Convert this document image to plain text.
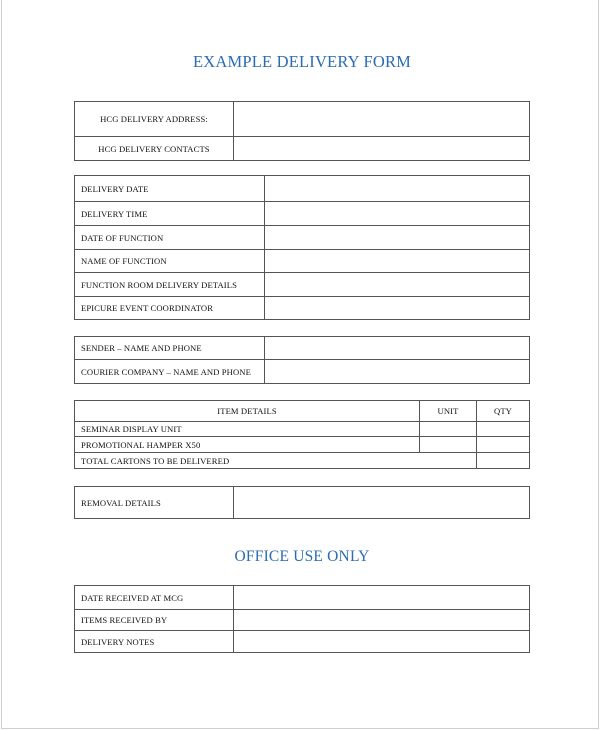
EXAMPLE DELIVERY FORM
HCG DELIVERY ADDRESS:	
HCG DELIVERY CONTACTS	
DELIVERY DATE	
DELIVERY TIME	
DATE OF FUNCTION	
NAME OF FUNCTION	
FUNCTION ROOM DELIVERY DETAILS	
EPICURE EVENT COORDINATOR	
SENDER – NAME AND PHONE	
COURIER COMPANY – NAME AND PHONE	
ITEM DETAILS	UNIT	QTY
SEMINAR DISPLAY UNIT		
PROMOTIONAL HAMPER X50		
TOTAL CARTONS TO BE DELIVERED		
REMOVAL DETAILS	
OFFICE USE ONLY
DATE RECEIVED AT MCG	
ITEMS RECEIVED BY	
DELIVERY NOTES	
